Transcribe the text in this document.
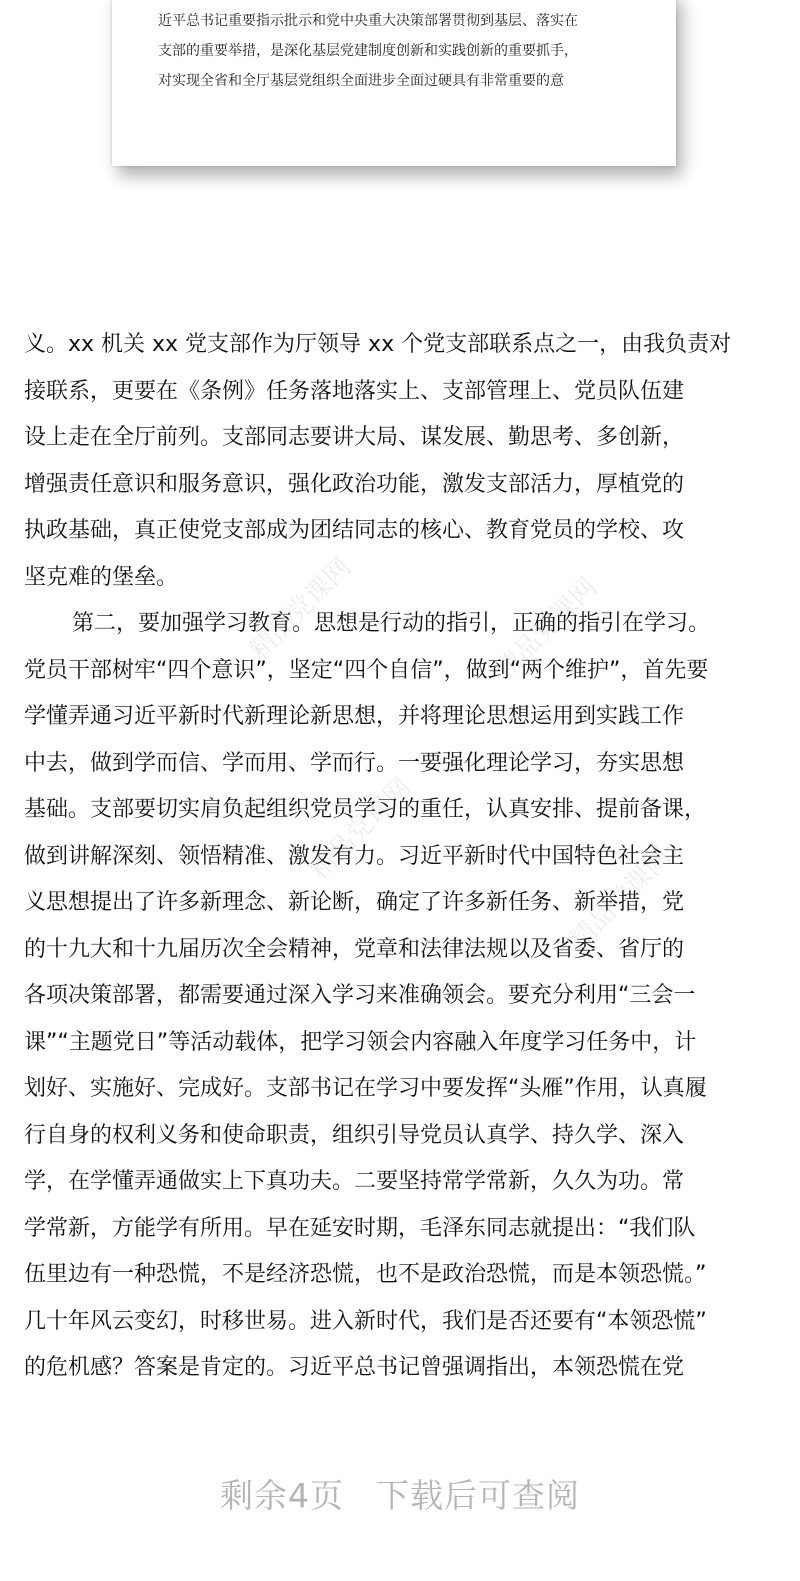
近平总书记重要指示批示和党中央重大决策部署贯彻到基层、落实在
支部的重要举措，是深化基层党建制度创新和实践创新的重要抓手，
对实现全省和全厅基层党组织全面进步全面过硬具有非常重要的意
精品党课网
精品党课网
精品党课网
精品党课网
义。xx 机关 xx 党支部作为厅领导 xx 个党支部联系点之一，由我负责对
接联系，更要在《条例》任务落地落实上、支部管理上、党员队伍建
设上走在全厅前列。支部同志要讲大局、谋发展、勤思考、多创新，
增强责任意识和服务意识，强化政治功能，激发支部活力，厚植党的
执政基础，真正使党支部成为团结同志的核心、教育党员的学校、攻
坚克难的堡垒。
第二，要加强学习教育。思想是行动的指引，正确的指引在学习。
党员干部树牢“四个意识”，坚定“四个自信”，做到“两个维护”，首先要
学懂弄通习近平新时代新理论新思想，并将理论思想运用到实践工作
中去，做到学而信、学而用、学而行。一要强化理论学习，夯实思想
基础。支部要切实肩负起组织党员学习的重任，认真安排、提前备课，
做到讲解深刻、领悟精准、激发有力。习近平新时代中国特色社会主
义思想提出了许多新理念、新论断，确定了许多新任务、新举措，党
的十九大和十九届历次全会精神，党章和法律法规以及省委、省厅的
各项决策部署，都需要通过深入学习来准确领会。要充分利用“三会一
课”“主题党日”等活动载体，把学习领会内容融入年度学习任务中，计
划好、实施好、完成好。支部书记在学习中要发挥“头雁”作用，认真履
行自身的权利义务和使命职责，组织引导党员认真学、持久学、深入
学，在学懂弄通做实上下真功夫。二要坚持常学常新，久久为功。常
学常新，方能学有所用。早在延安时期，毛泽东同志就提出：“我们队
伍里边有一种恐慌，不是经济恐慌，也不是政治恐慌，而是本领恐慌。”
几十年风云变幻，时移世易。进入新时代，我们是否还要有“本领恐慌”
的危机感？答案是肯定的。习近平总书记曾强调指出，本领恐慌在党
剩余4页 下载后可查阅
